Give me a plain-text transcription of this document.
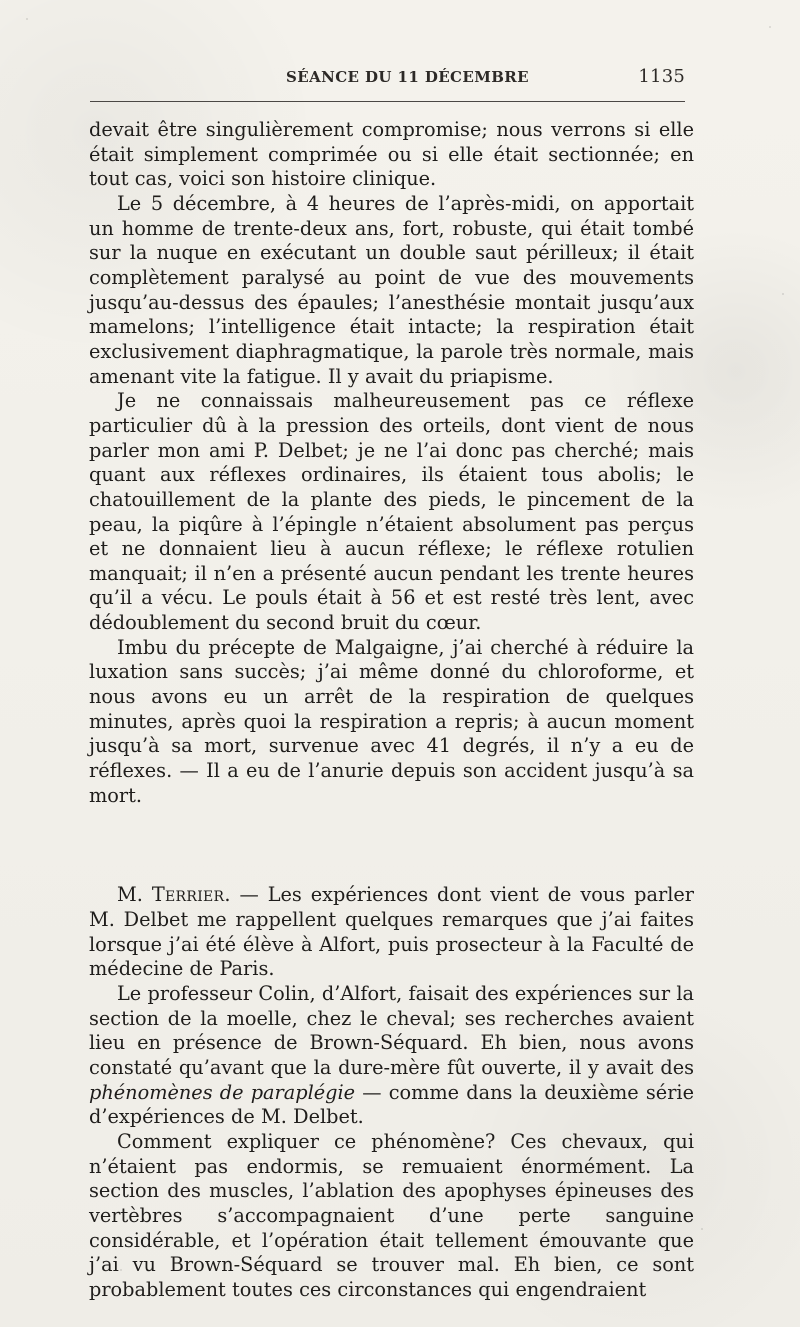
SÉANCE DU 11 DÉCEMBRE	1135

devait être singulièrement compromise; nous verrons si elle était simplement comprimée ou si elle était sectionnée; en tout cas, voici son histoire clinique.

Le 5 décembre, à 4 heures de l’après-midi, on apportait un homme de trente-deux ans, fort, robuste, qui était tombé sur la nuque en exécutant un double saut périlleux; il était complètement paralysé au point de vue des mouvements jusqu’au-dessus des épaules; l’anesthésie montait jusqu’aux mamelons; l’intelligence était intacte; la respiration était exclusivement diaphragmatique, la parole très normale, mais amenant vite la fatigue. Il y avait du priapisme.

Je ne connaissais malheureusement pas ce réflexe particulier dû à la pression des orteils, dont vient de nous parler mon ami P. Delbet; je ne l’ai donc pas cherché; mais quant aux réflexes ordinaires, ils étaient tous abolis; le chatouillement de la plante des pieds, le pincement de la peau, la piqûre à l’épingle n’étaient absolument pas perçus et ne donnaient lieu à aucun réflexe; le réflexe rotulien manquait; il n’en a présenté aucun pendant les trente heures qu’il a vécu. Le pouls était à 56 et est resté très lent, avec dédoublement du second bruit du cœur.

Imbu du précepte de Malgaigne, j’ai cherché à réduire la luxation sans succès; j’ai même donné du chloroforme, et nous avons eu un arrêt de la respiration de quelques minutes, après quoi la respiration a repris; à aucun moment jusqu’à sa mort, survenue avec 41 degrés, il n’y a eu de réflexes. — Il a eu de l’anurie depuis son accident jusqu’à sa mort.

M. Terrier. — Les expériences dont vient de vous parler M. Delbet me rappellent quelques remarques que j’ai faites lorsque j’ai été élève à Alfort, puis prosecteur à la Faculté de médecine de Paris.

Le professeur Colin, d’Alfort, faisait des expériences sur la section de la moelle, chez le cheval; ses recherches avaient lieu en présence de Brown-Séquard. Eh bien, nous avons constaté qu’avant que la dure-mère fût ouverte, il y avait des phénomènes de paraplégie — comme dans la deuxième série d’expériences de M. Delbet.

Comment expliquer ce phénomène? Ces chevaux, qui n’étaient pas endormis, se remuaient énormément. La section des muscles, l’ablation des apophyses épineuses des vertèbres s’accompagnaient d’une perte sanguine considérable, et l’opération était tellement émouvante que j’ai vu Brown-Séquard se trouver mal. Eh bien, ce sont probablement toutes ces circonstances qui engendraient
